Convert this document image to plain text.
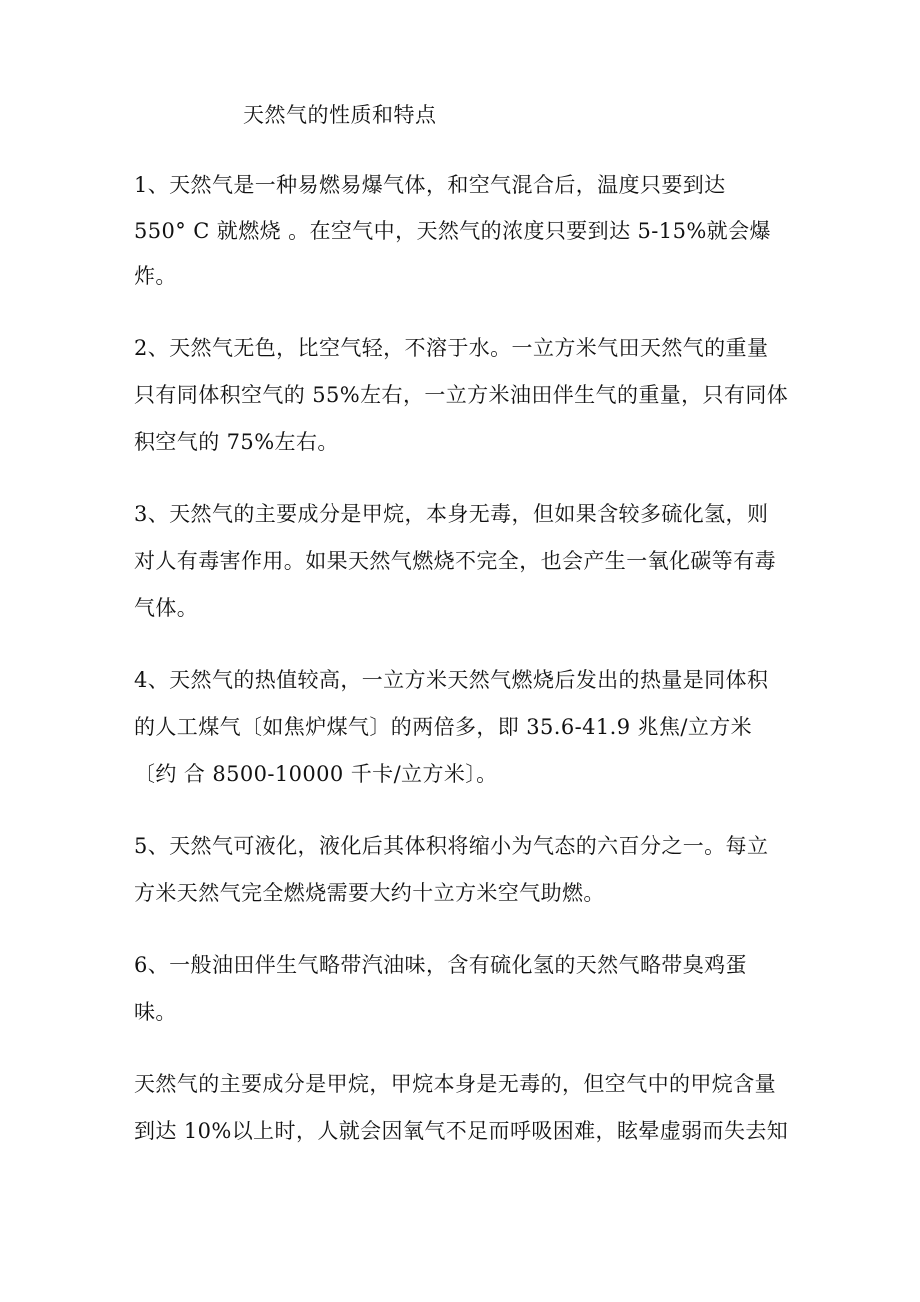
天然气的性质和特点
1、天然气是一种易燃易爆气体，和空气混合后，温度只要到达
550° C 就燃烧 。在空气中，天然气的浓度只要到达 5-15%就会爆
炸。
2、天然气无色，比空气轻，不溶于水。一立方米气田天然气的重量
只有同体积空气的 55%左右，一立方米油田伴生气的重量，只有同体
积空气的 75%左右。
3、天然气的主要成分是甲烷，本身无毒，但如果含较多硫化氢，则
对人有毒害作用。如果天然气燃烧不完全，也会产生一氧化碳等有毒
气体。
4、天然气的热值较高，一立方米天然气燃烧后发出的热量是同体积
的人工煤气〔如焦炉煤气〕的两倍多，即 35.6-41.9 兆焦/立方米
〔约 合 8500-10000 千卡/立方米〕。
5、天然气可液化，液化后其体积将缩小为气态的六百分之一。每立
方米天然气完全燃烧需要大约十立方米空气助燃。
6、一般油田伴生气略带汽油味，含有硫化氢的天然气略带臭鸡蛋
味。
天然气的主要成分是甲烷，甲烷本身是无毒的，但空气中的甲烷含量
到达 10%以上时，人就会因氧气不足而呼吸困难，眩晕虚弱而失去知
